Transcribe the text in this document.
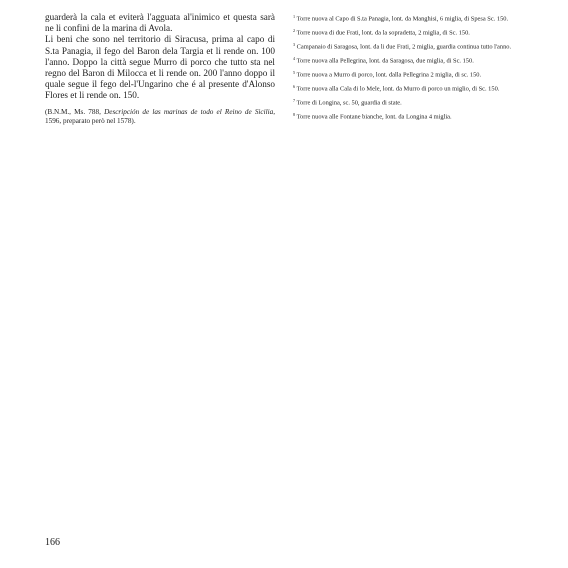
guarderà la cala et eviterà l'agguata al'inimico et questa sarà ne li confini de la marina di Avola.

Li beni che sono nel territorio di Siracusa, prima al capo di S.ta Panagia, il fego del Baron dela Targia et li rende on. 100 l'anno. Doppo la città segue Murro di porco che tutto sta nel regno del Baron di Milocca et li rende on. 200 l'anno doppo il quale segue il fego del-l'Ungarino che é al presente d'Alonso Flores et li rende on. 150.

(B.N.M., Ms. 788, Descripción de las marinas de todo el Reino de Sicilia, 1596, preparato però nel 1578).

$^1$ Torre nuova al Capo di S.ta Panagia, lont. da Manghisi, 6 miglia, di Spesa Sc. 150.

$^2$ Torre nuova di due Frati, lont. da la sopradetta, 2 miglia, di Sc. 150.

$^3$ Campanaio di Saragosa, lont. da li due Frati, 2 miglia, guardia continua tutto l'anno.

$^4$ Torre nuova alla Pellegrina, lont. da Saragosa, due miglia, di Sc. 150.

$^5$ Torre nuova a Murro di porco, lont. dalla Pellegrina 2 miglia, di sc. 150.

$^6$ Torre nuova alla Cala di lo Mele, lont. da Murro di porco un miglio, di Sc. 150.

$^7$ Torre di Longina, sc. 50, guardia di state.

$^8$ Torre nuova alle Fontane bianche, lont. da Longina 4 miglia.

166
